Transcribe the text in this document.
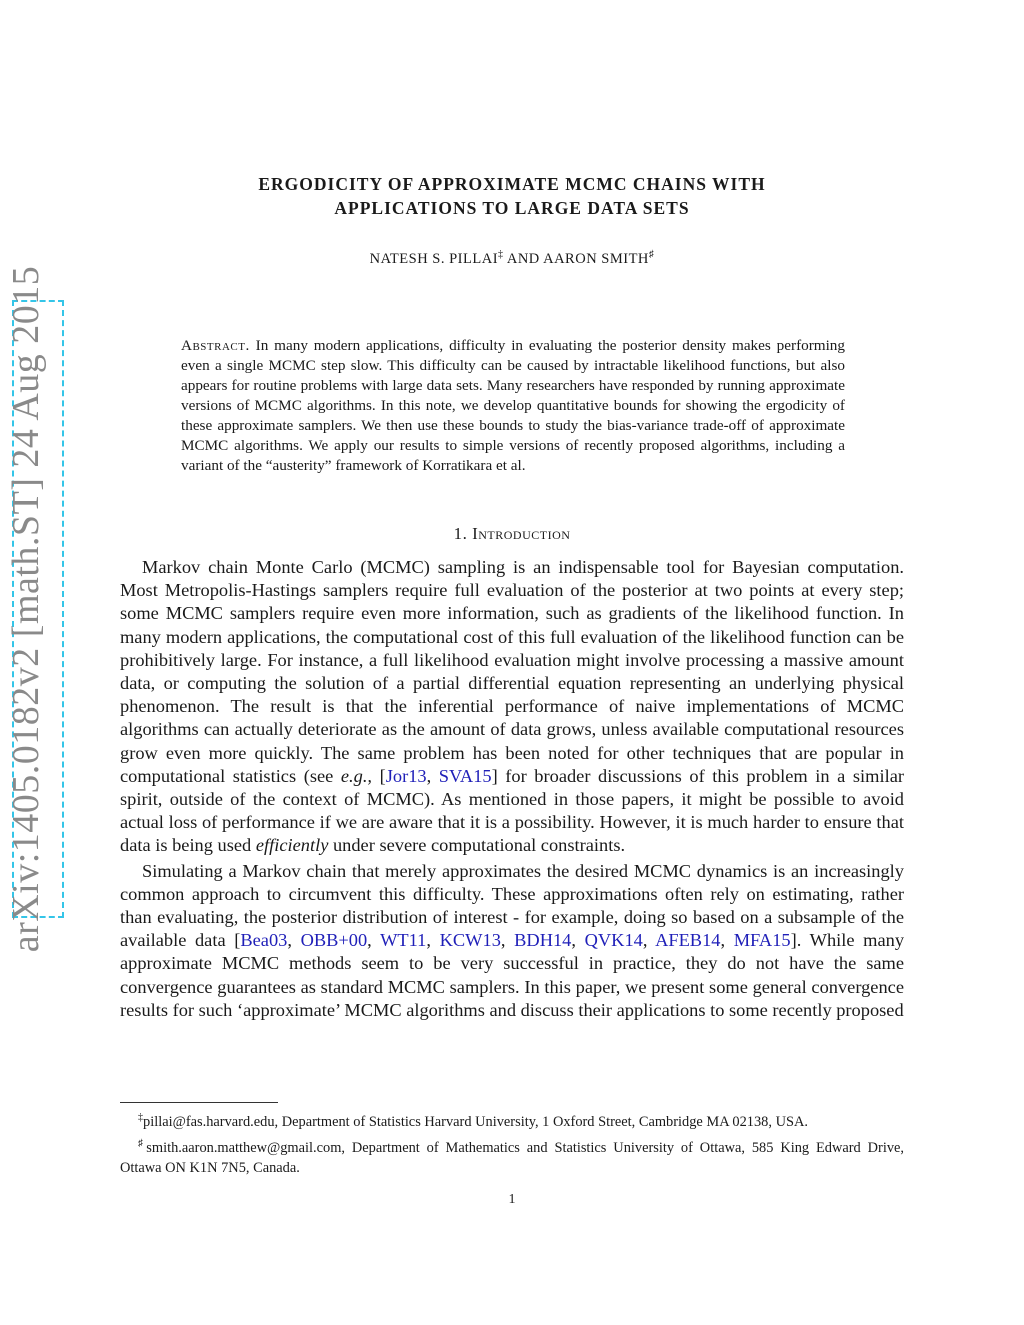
arXiv:1405.0182v2 [math.ST] 24 Aug 2015
ERGODICITY OF APPROXIMATE MCMC CHAINS WITH
APPLICATIONS TO LARGE DATA SETS
NATESH S. PILLAI‡ AND AARON SMITH♯
Abstract. In many modern applications, difficulty in evaluating the posterior density makes performing even a single MCMC step slow. This difficulty can be caused by intractable likelihood functions, but also appears for routine problems with large data sets. Many researchers have responded by running approximate versions of MCMC algorithms. In this note, we develop quantitative bounds for showing the ergodicity of these approximate samplers. We then use these bounds to study the bias-variance trade-off of approximate MCMC algorithms. We apply our results to simple versions of recently proposed algorithms, including a variant of the “austerity” framework of Korratikara et al.
1. Introduction

Markov chain Monte Carlo (MCMC) sampling is an indispensable tool for Bayesian computation. Most Metropolis-Hastings samplers require full evaluation of the posterior at two points at every step; some MCMC samplers require even more information, such as gradients of the likelihood function. In many modern applications, the computational cost of this full evaluation of the likelihood function can be prohibitively large. For instance, a full likelihood evaluation might involve processing a massive amount data, or computing the solution of a partial differential equation representing an underlying physical phenomenon. The result is that the inferential performance of naive implementations of MCMC algorithms can actually deteriorate as the amount of data grows, unless available computational resources grow even more quickly. The same problem has been noted for other techniques that are popular in computational statistics (see e.g., [Jor13, SVA15] for broader discussions of this problem in a similar spirit, outside of the context of MCMC). As mentioned in those papers, it might be possible to avoid actual loss of performance if we are aware that it is a possibility. However, it is much harder to ensure that data is being used efficiently under severe computational constraints.

Simulating a Markov chain that merely approximates the desired MCMC dynamics is an increasingly common approach to circumvent this difficulty. These approximations often rely on estimating, rather than evaluating, the posterior distribution of interest - for example, doing so based on a subsample of the available data [Bea03, OBB+00, WT11, KCW13, BDH14, QVK14, AFEB14, MFA15]. While many approximate MCMC methods seem to be very successful in practice, they do not have the same convergence guarantees as standard MCMC samplers. In this paper, we present some general convergence results for such ‘approximate’ MCMC algorithms and discuss their applications to some recently proposed

‡pillai@fas.harvard.edu, Department of Statistics Harvard University, 1 Oxford Street, Cambridge MA 02138, USA.

♯smith.aaron.matthew@gmail.com, Department of Mathematics and Statistics University of Ottawa, 585 King Edward Drive, Ottawa ON K1N 7N5, Canada.

1
